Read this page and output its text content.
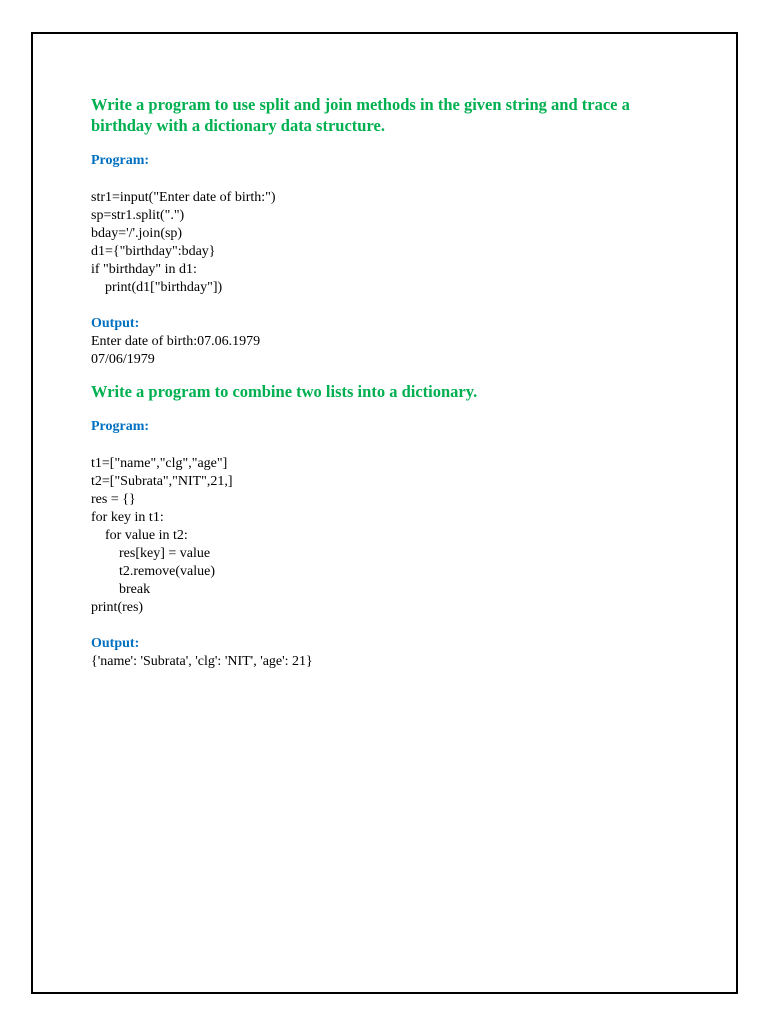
Write a program to use split and join methods in the given string and trace a birthday with a dictionary data structure.

Program:

str1=input("Enter date of birth:")
sp=str1.split(".")
bday='/'.join(sp)
d1={"birthday":bday}
if "birthday" in d1:
print(d1["birthday"])

Output:

Enter date of birth:07.06.1979
07/06/1979

Write a program to combine two lists into a dictionary.

Program:

t1=["name","clg","age"]
t2=["Subrata","NIT",21,]
res = {}
for key in t1:
for value in t2:
res[key] = value
t2.remove(value)
break
print(res)

Output:

{'name': 'Subrata', 'clg': 'NIT', 'age': 21}
